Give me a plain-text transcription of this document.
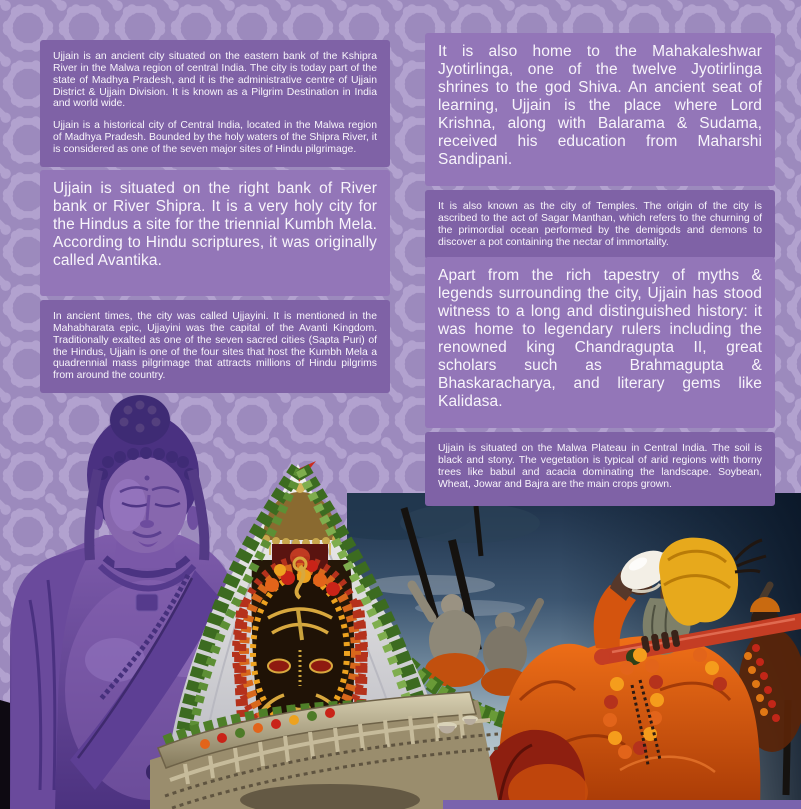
Ujjain is an ancient city situated on the eastern bank of the Kshipra River in the Malwa region of central India. The city is today part of the state of Madhya Pradesh, and it is the administrative centre of Ujjain District & Ujjain Division. It is known as a Pilgrim Destination in India and world wide.

Ujjain is a historical city of Central India, located in the Malwa region of Madhya Pradesh. Bounded by the holy waters of the Shipra River, it is considered as one of the seven major sites of Hindu pilgrimage.

Ujjain is situated on the right bank of River bank or River Shipra. It is a very holy city for the Hindus a site for the triennial Kumbh Mela. According to Hindu scriptures, it was originally called Avantika.

In ancient times, the city was called Ujjayini. It is mentioned in the Mahabharata epic, Ujjayini was the capital of the Avanti Kingdom. Traditionally exalted as one of the seven sacred cities (Sapta Puri) of the Hindus, Ujjain is one of the four sites that host the Kumbh Mela a quadrennial mass pilgrimage that attracts millions of Hindu pilgrims from around the country.

It is also home to the Mahakaleshwar Jyotirlinga, one of the twelve Jyotirlinga shrines to the god Shiva. An ancient seat of learning, Ujjain is the place where Lord Krishna, along with Balarama & Sudama, received his education from Maharshi Sandipani.

It is also known as the city of Temples. The origin of the city is ascribed to the act of Sagar Manthan, which refers to the churning of the primordial ocean performed by the demigods and demons to discover a pot containing the nectar of immortality.

Apart from the rich tapestry of myths & legends surrounding the city, Ujjain has stood witness to a long and distinguished history: it was home to legendary rulers including the renowned king Chandragupta II, great scholars such as Brahmagupta & Bhaskaracharya, and literary gems like Kalidasa.

Ujjain is situated on the Malwa Plateau in Central India. The soil is black and stony. The vegetation is typical of arid regions with thorny trees like babul and acacia dominating the landscape. Soybean, Wheat, Jowar and Bajra are the main crops grown.
